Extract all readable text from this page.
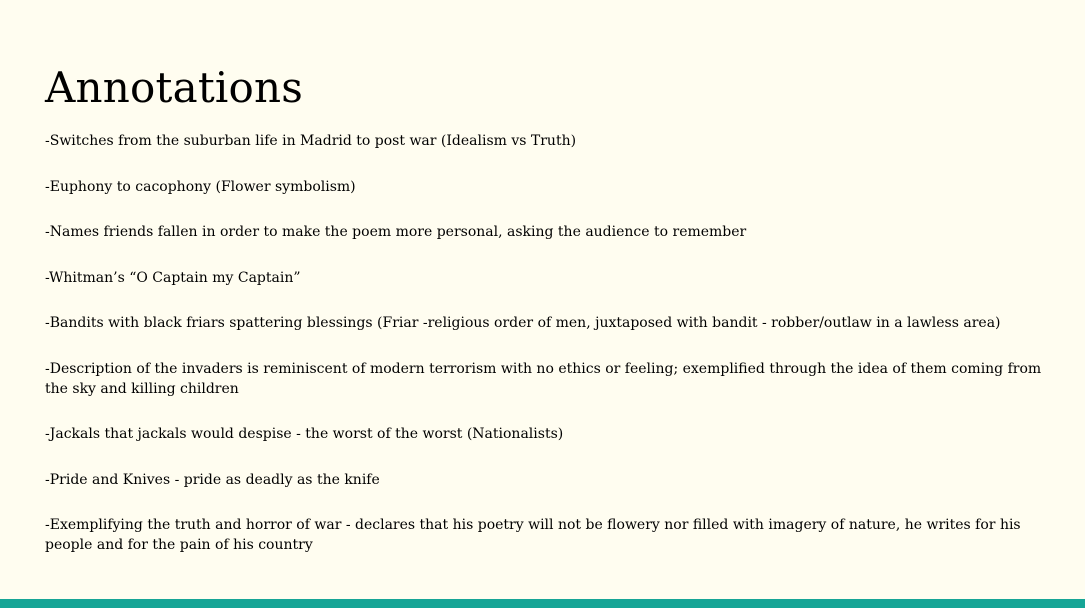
Annotations
-Switches from the suburban life in Madrid to post war (Idealism vs Truth)
-Euphony to cacophony (Flower symbolism)
-Names friends fallen in order to make the poem more personal, asking the audience to remember
-Whitman’s “O Captain my Captain”
-Bandits with black friars spattering blessings (Friar -religious order of men, juxtaposed with bandit - robber/outlaw in a lawless area)
-Description of the invaders is reminiscent of modern terrorism with no ethics or feeling; exemplified through the idea of them coming from the sky and killing children
-Jackals that jackals would despise - the worst of the worst (Nationalists)
-Pride and Knives - pride as deadly as the knife
-Exemplifying the truth and horror of war - declares that his poetry will not be flowery nor filled with imagery of nature, he writes for his people and for the pain of his country
